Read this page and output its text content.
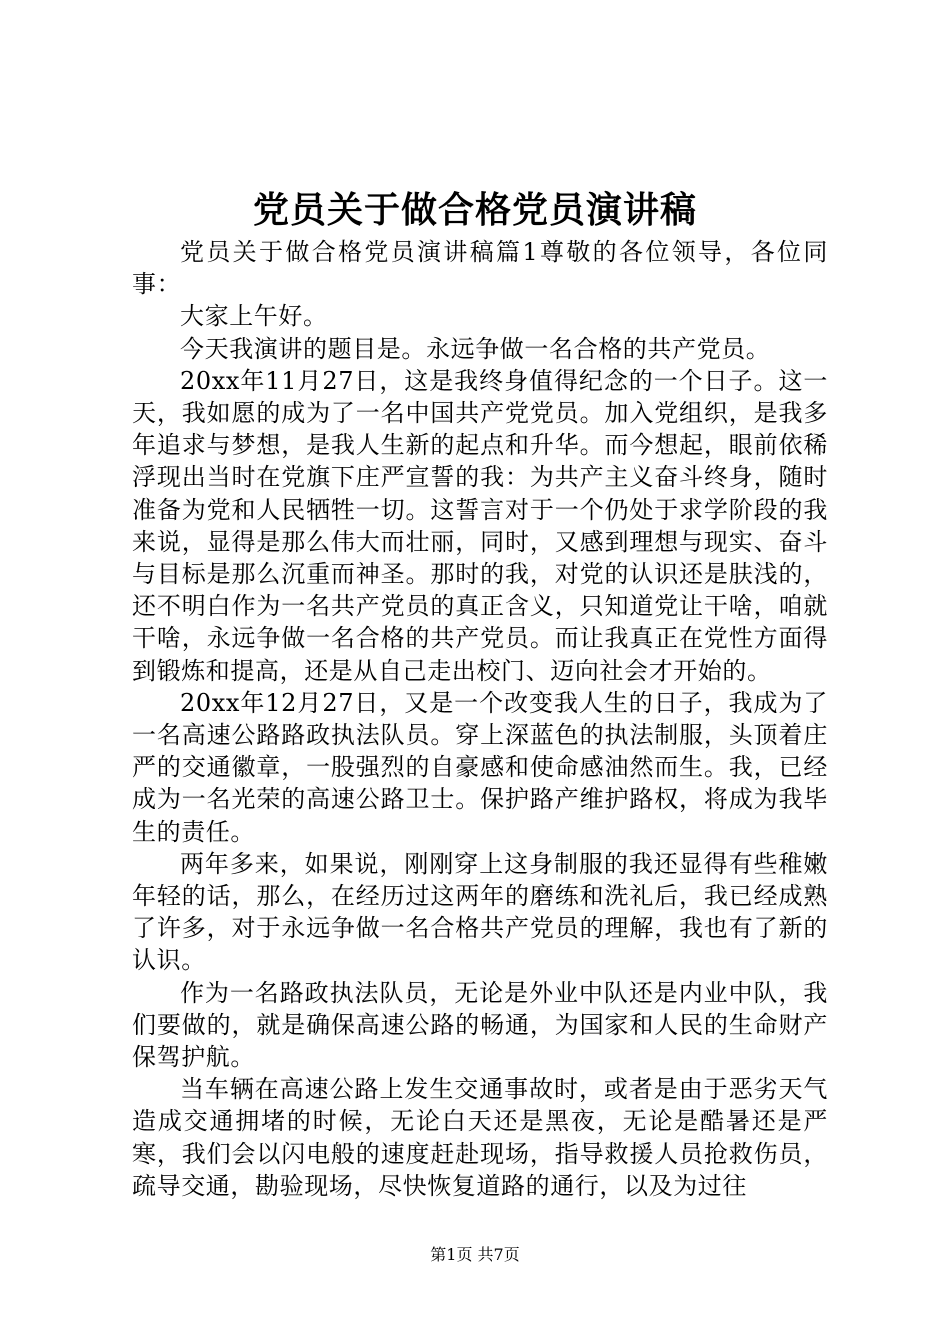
党员关于做合格党员演讲稿

党员关于做合格党员演讲稿篇1尊敬的各位领导，各位同事：

大家上午好。

今天我演讲的题目是。永远争做一名合格的共产党员。

20xx年11月27日，这是我终身值得纪念的一个日子。这一天，我如愿的成为了一名中国共产党党员。加入党组织，是我多年追求与梦想，是我人生新的起点和升华。而今想起，眼前依稀浮现出当时在党旗下庄严宣誓的我：为共产主义奋斗终身，随时准备为党和人民牺牲一切。这誓言对于一个仍处于求学阶段的我来说，显得是那么伟大而壮丽，同时，又感到理想与现实、奋斗与目标是那么沉重而神圣。那时的我，对党的认识还是肤浅的，还不明白作为一名共产党员的真正含义，只知道党让干啥，咱就干啥，永远争做一名合格的共产党员。而让我真正在党性方面得到锻炼和提高，还是从自己走出校门、迈向社会才开始的。

20xx年12月27日，又是一个改变我人生的日子，我成为了一名高速公路路政执法队员。穿上深蓝色的执法制服，头顶着庄严的交通徽章，一股强烈的自豪感和使命感油然而生。我，已经成为一名光荣的高速公路卫士。保护路产维护路权，将成为我毕生的责任。

两年多来，如果说，刚刚穿上这身制服的我还显得有些稚嫩年轻的话，那么，在经历过这两年的磨练和洗礼后，我已经成熟了许多，对于永远争做一名合格共产党员的理解，我也有了新的认识。

作为一名路政执法队员，无论是外业中队还是内业中队，我们要做的，就是确保高速公路的畅通，为国家和人民的生命财产保驾护航。

当车辆在高速公路上发生交通事故时，或者是由于恶劣天气造成交通拥堵的时候，无论白天还是黑夜，无论是酷暑还是严寒，我们会以闪电般的速度赶赴现场，指导救援人员抢救伤员，疏导交通，勘验现场，尽快恢复道路的通行，以及为过往

第1页 共7页
